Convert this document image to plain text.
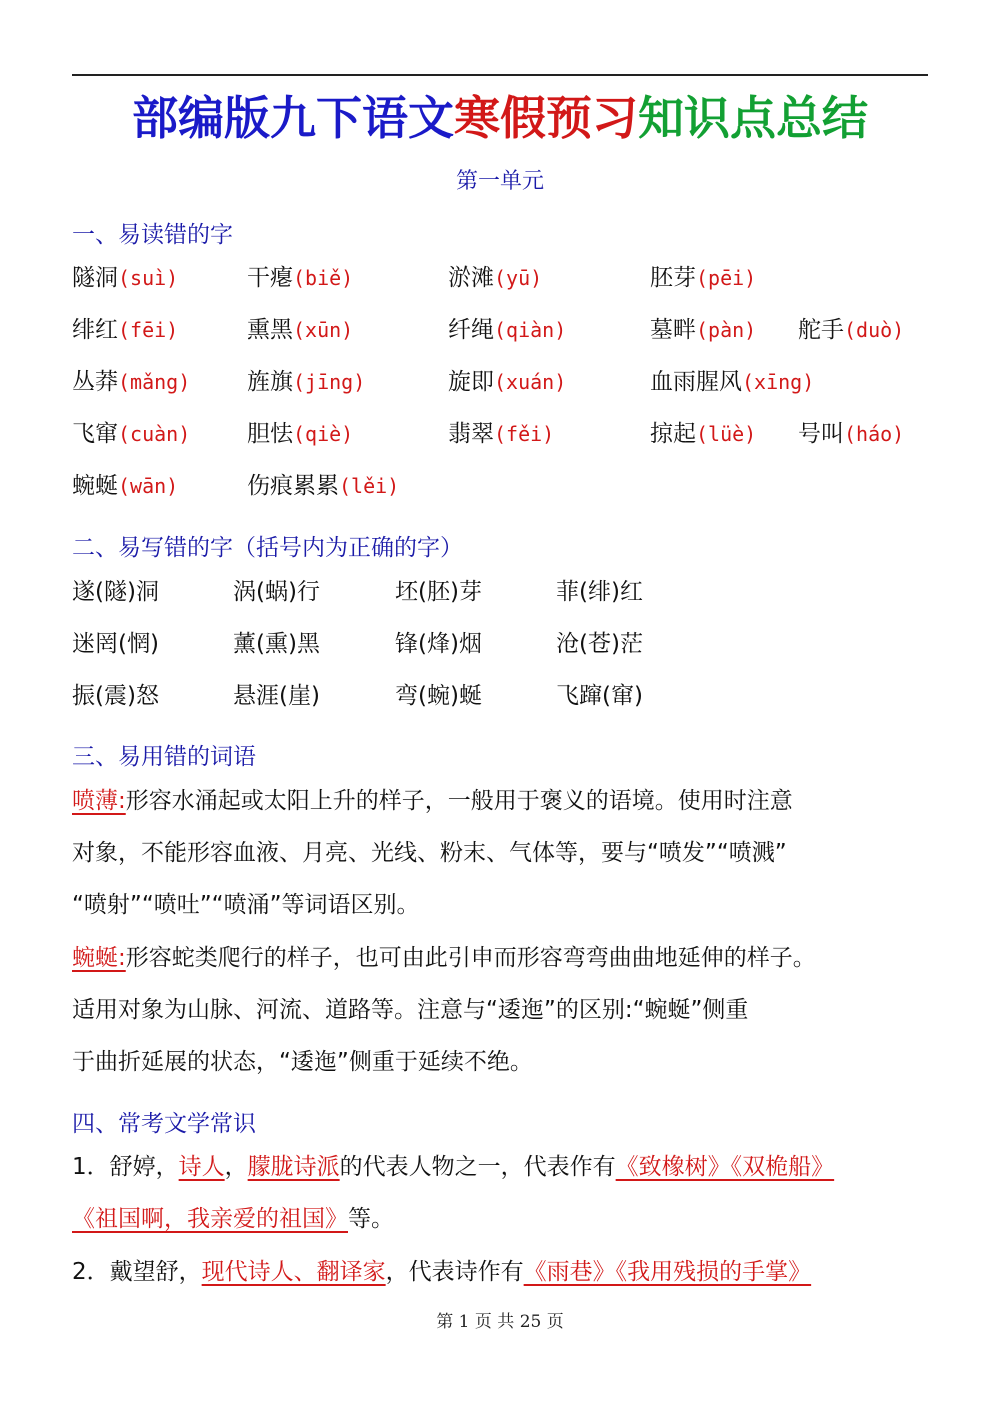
部编版九下语文寒假预习知识点总结
第一单元
一、易读错的字
隧洞(suì)	干瘪(biě)	淤滩(yū)	胚芽(pēi)
绯红(fēi)	熏黑(xūn)	纤绳(qiàn)	墓畔(pàn) 舵手(duò)
丛莽(mǎng) 旌旗(jīng)	旋即(xuán)	血雨腥风(xīng)
飞窜(cuàn) 胆怯(qiè)	翡翠(fěi)	掠起(lüè) 号叫(háo)
蜿蜒(wān)	伤痕累累(lěi)
二、易写错的字（括号内为正确的字）
遂(隧)洞	涡(蜗)行	坯(胚)芽	菲(绯)红
迷罔(惘)	薰(熏)黑	锋(烽)烟	沧(苍)茫
振(震)怒	悬涯(崖)	弯(蜿)蜒	飞蹿(窜)
三、易用错的词语
喷薄:形容水涌起或太阳上升的样子，一般用于褒义的语境。使用时注意
对象，不能形容血液、月亮、光线、粉末、气体等，要与“喷发”“喷溅”
“喷射”“喷吐”“喷涌”等词语区别。
蜿蜒:形容蛇类爬行的样子，也可由此引申而形容弯弯曲曲地延伸的样子。
适用对象为山脉、河流、道路等。注意与“逶迤”的区别:“蜿蜒”侧重
于曲折延展的状态，“逶迤”侧重于延续不绝。
四、常考文学常识
1．舒婷，诗人，朦胧诗派的代表人物之一，代表作有《致橡树》《双桅船》
《祖国啊，我亲爱的祖国》等。
2．戴望舒，现代诗人、翻译家，代表诗作有《雨巷》《我用残损的手掌》
第 1 页 共 25 页
